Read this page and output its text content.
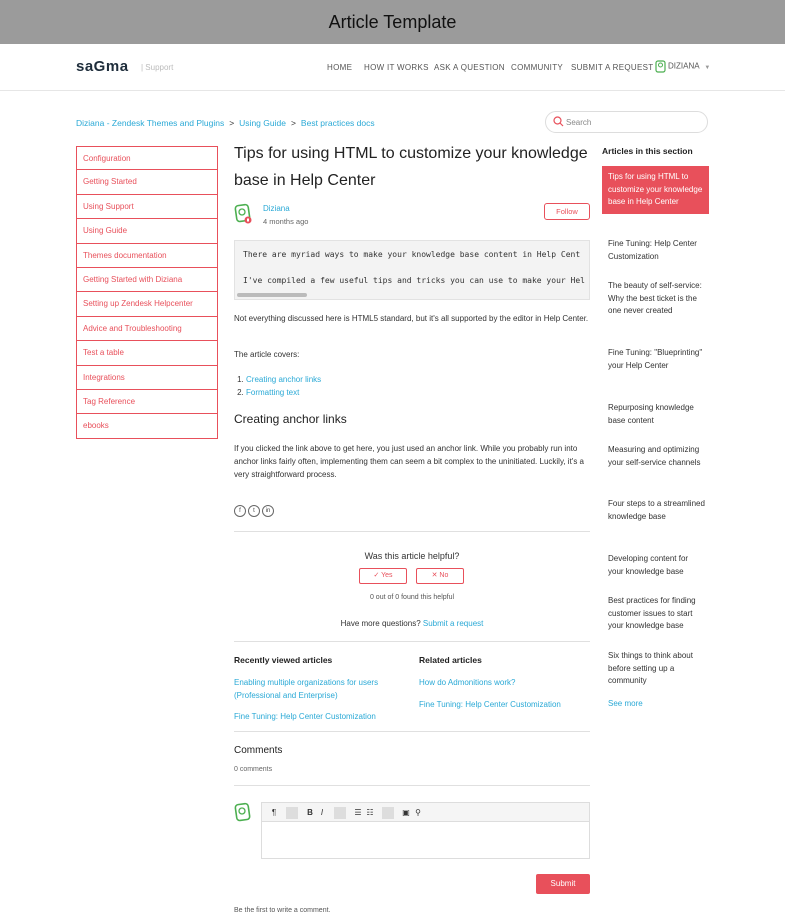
Article Template
saGma | Support	HOME HOW IT WORKS ASK A QUESTION COMMUNITY SUBMIT A REQUEST	DIZIANA ▼
Diziana - Zendesk Themes and Plugins > Using Guide > Best practices docs
Search
Configuration
Getting Started
Using Support
Using Guide
Themes documentation
Getting Started with Diziana
Setting up Zendesk Helpcenter
Advice and Troubleshooting
Test a table
Integrations
Tag Reference
ebooks
Tips for using HTML to customize your knowledge base in Help Center
Diziana
4 months ago
Follow
There are myriad ways to make your knowledge base content in Help Cent
I've compiled a few useful tips and tricks you can use to make your Hel
Not everything discussed here is HTML5 standard, but it's all supported by the editor in Help Center.
The article covers:
1. Creating anchor links
2. Formatting text
Creating anchor links
If you clicked the link above to get here, you just used an anchor link. While you probably run into anchor links fairly often, implementing them can seem a bit complex to the uninitiated. Luckily, it's a very straightforward process.
f t in
Was this article helpful?
✓ Yes	✕ No
0 out of 0 found this helpful
Have more questions? Submit a request
Recently viewed articles
Enabling multiple organizations for users (Professional and Enterprise)
Fine Tuning: Help Center Customization
Related articles
How do Admonitions work?
Fine Tuning: Help Center Customization
Comments
0 comments
¶	B I	☰ ☷	▣ ⚲
Submit
Be the first to write a comment.
Articles in this section
Tips for using HTML to customize your knowledge base in Help Center
Fine Tuning: Help Center Customization
The beauty of self-service: Why the best ticket is the one never created
Fine Tuning: "Blueprinting" your Help Center
Repurposing knowledge base content
Measuring and optimizing your self-service channels
Four steps to a streamlined knowledge base
Developing content for your knowledge base
Best practices for finding customer issues to start your knowledge base
Six things to think about before setting up a community
See more
